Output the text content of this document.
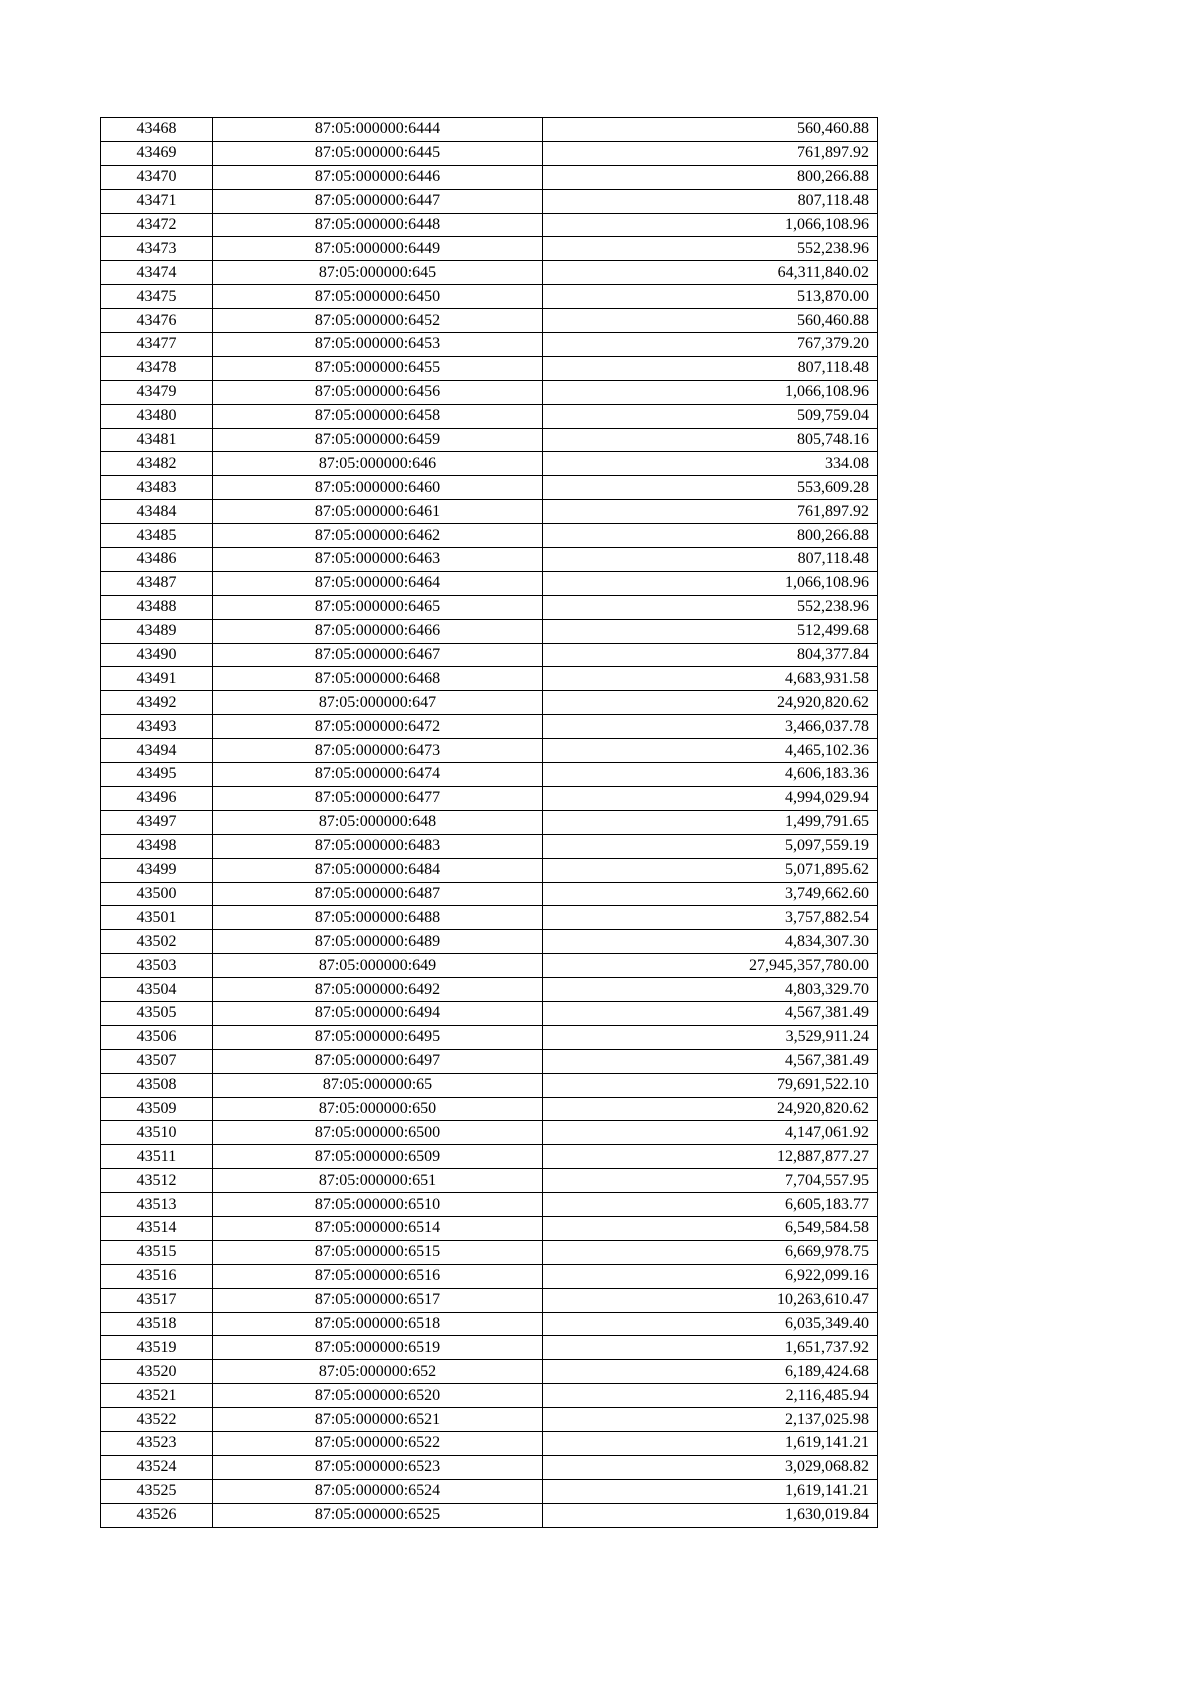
43468	87:05:000000:6444	560,460.88
43469	87:05:000000:6445	761,897.92
43470	87:05:000000:6446	800,266.88
43471	87:05:000000:6447	807,118.48
43472	87:05:000000:6448	1,066,108.96
43473	87:05:000000:6449	552,238.96
43474	87:05:000000:645	64,311,840.02
43475	87:05:000000:6450	513,870.00
43476	87:05:000000:6452	560,460.88
43477	87:05:000000:6453	767,379.20
43478	87:05:000000:6455	807,118.48
43479	87:05:000000:6456	1,066,108.96
43480	87:05:000000:6458	509,759.04
43481	87:05:000000:6459	805,748.16
43482	87:05:000000:646	334.08
43483	87:05:000000:6460	553,609.28
43484	87:05:000000:6461	761,897.92
43485	87:05:000000:6462	800,266.88
43486	87:05:000000:6463	807,118.48
43487	87:05:000000:6464	1,066,108.96
43488	87:05:000000:6465	552,238.96
43489	87:05:000000:6466	512,499.68
43490	87:05:000000:6467	804,377.84
43491	87:05:000000:6468	4,683,931.58
43492	87:05:000000:647	24,920,820.62
43493	87:05:000000:6472	3,466,037.78
43494	87:05:000000:6473	4,465,102.36
43495	87:05:000000:6474	4,606,183.36
43496	87:05:000000:6477	4,994,029.94
43497	87:05:000000:648	1,499,791.65
43498	87:05:000000:6483	5,097,559.19
43499	87:05:000000:6484	5,071,895.62
43500	87:05:000000:6487	3,749,662.60
43501	87:05:000000:6488	3,757,882.54
43502	87:05:000000:6489	4,834,307.30
43503	87:05:000000:649	27,945,357,780.00
43504	87:05:000000:6492	4,803,329.70
43505	87:05:000000:6494	4,567,381.49
43506	87:05:000000:6495	3,529,911.24
43507	87:05:000000:6497	4,567,381.49
43508	87:05:000000:65	79,691,522.10
43509	87:05:000000:650	24,920,820.62
43510	87:05:000000:6500	4,147,061.92
43511	87:05:000000:6509	12,887,877.27
43512	87:05:000000:651	7,704,557.95
43513	87:05:000000:6510	6,605,183.77
43514	87:05:000000:6514	6,549,584.58
43515	87:05:000000:6515	6,669,978.75
43516	87:05:000000:6516	6,922,099.16
43517	87:05:000000:6517	10,263,610.47
43518	87:05:000000:6518	6,035,349.40
43519	87:05:000000:6519	1,651,737.92
43520	87:05:000000:652	6,189,424.68
43521	87:05:000000:6520	2,116,485.94
43522	87:05:000000:6521	2,137,025.98
43523	87:05:000000:6522	1,619,141.21
43524	87:05:000000:6523	3,029,068.82
43525	87:05:000000:6524	1,619,141.21
43526	87:05:000000:6525	1,630,019.84
